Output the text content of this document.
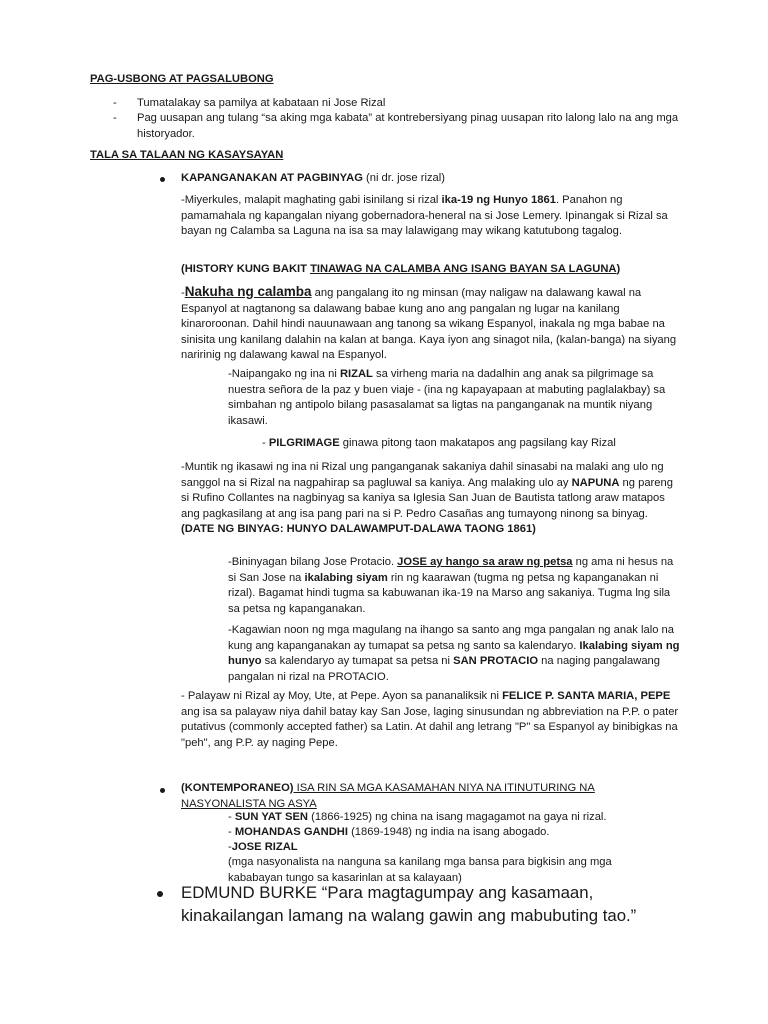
PAG-USBONG AT PAGSALUBONG
- Tumatalakay sa pamilya at kabataan ni Jose Rizal
- Pag uusapan ang tulang “sa aking mga kabata” at kontrebersiyang pinag uusapan rito lalong lalo na ang mga historyador.
TALA SA TALAAN NG KASAYSAYAN
KAPANGANAKAN AT PAGBINYAG (ni dr. jose rizal)
-Miyerkules, malapit maghating gabi isinilang si rizal ika-19 ng Hunyo 1861. Panahon ng pamamahala ng kapangalan niyang gobernadora-heneral na si Jose Lemery. Ipinangak si Rizal sa bayan ng Calamba sa Laguna na isa sa may lalawigang may wikang katutubong tagalog.
(HISTORY KUNG BAKIT TINAWAG NA CALAMBA ANG ISANG BAYAN SA LAGUNA)
-Nakuha ng calamba ang pangalang ito ng minsan (may naligaw na dalawang kawal na Espanyol at nagtanong sa dalawang babae kung ano ang pangalan ng lugar na kanilang kinaroroonan. Dahil hindi nauunawaan ang tanong sa wikang Espanyol, inakala ng mga babae na sinisita ung kanilang dalahin na kalan at banga. Kaya iyon ang sinagot nila, (kalan-banga) na siyang naririnig ng dalawang kawal na Espanyol.
-Naipangako ng ina ni RIZAL sa virheng maria na dadalhin ang anak sa pilgrimage sa nuestra señora de la paz y buen viaje - (ina ng kapayapaan at mabuting paglalakbay) sa simbahan ng antipolo bilang pasasalamat sa ligtas na panganganak na muntik niyang ikasawi.
- PILGRIMAGE ginawa pitong taon makatapos ang pagsilang kay Rizal
-Muntik ng ikasawi ng ina ni Rizal ung panganganak sakaniya dahil sinasabi na malaki ang ulo ng sanggol na si Rizal na nagpahirap sa pagluwal sa kaniya. Ang malaking ulo ay NAPUNA ng pareng si Rufino Collantes na nagbinyag sa kaniya sa Iglesia San Juan de Bautista tatlong araw matapos ang pagkasilang at ang isa pang pari na si P. Pedro Casañas ang tumayong ninong sa binyag. (DATE NG BINYAG: HUNYO DALAWAMPUT-DALAWA TAONG 1861)
-Bininyagan bilang Jose Protacio. JOSE ay hango sa araw ng petsa ng ama ni hesus na si San Jose na ikalabing siyam rin ng kaarawan (tugma ng petsa ng kapanganakan ni rizal). Bagamat hindi tugma sa kabuwanan ika-19 na Marso ang sakaniya. Tugma lng sila sa petsa ng kapanganakan.
-Kagawian noon ng mga magulang na ihango sa santo ang mga pangalan ng anak lalo na kung ang kapanganakan ay tumapat sa petsa ng santo sa kalendaryo. Ikalabing siyam ng hunyo sa kalendaryo ay tumapat sa petsa ni SAN PROTACIO na naging pangalawang pangalan ni rizal na PROTACIO.
- Palayaw ni Rizal ay Moy, Ute, at Pepe. Ayon sa pananaliksik ni FELICE P. SANTA MARIA, PEPE ang isa sa palayaw niya dahil batay kay San Jose, laging sinusundan ng abbreviation na P.P. o pater putativus (commonly accepted father) sa Latin. At dahil ang letrang "P" sa Espanyol ay binibigkas na "peh", ang P.P. ay naging Pepe.
(KONTEMPORANEO) ISA RIN SA MGA KASAMAHAN NIYA NA ITINUTURING NA NASYONALISTA NG ASYA
- SUN YAT SEN (1866-1925) ng china na isang magagamot na gaya ni rizal.
- MOHANDAS GANDHI (1869-1948) ng india na isang abogado.
-JOSE RIZAL
(mga nasyonalista na nanguna sa kanilang mga bansa para bigkisin ang mga kababayan tungo sa kasarinlan at sa kalayaan)
EDMUND BURKE “Para magtagumpay ang kasamaan, kinakailangan lamang na walang gawin ang mabubuting tao.”
